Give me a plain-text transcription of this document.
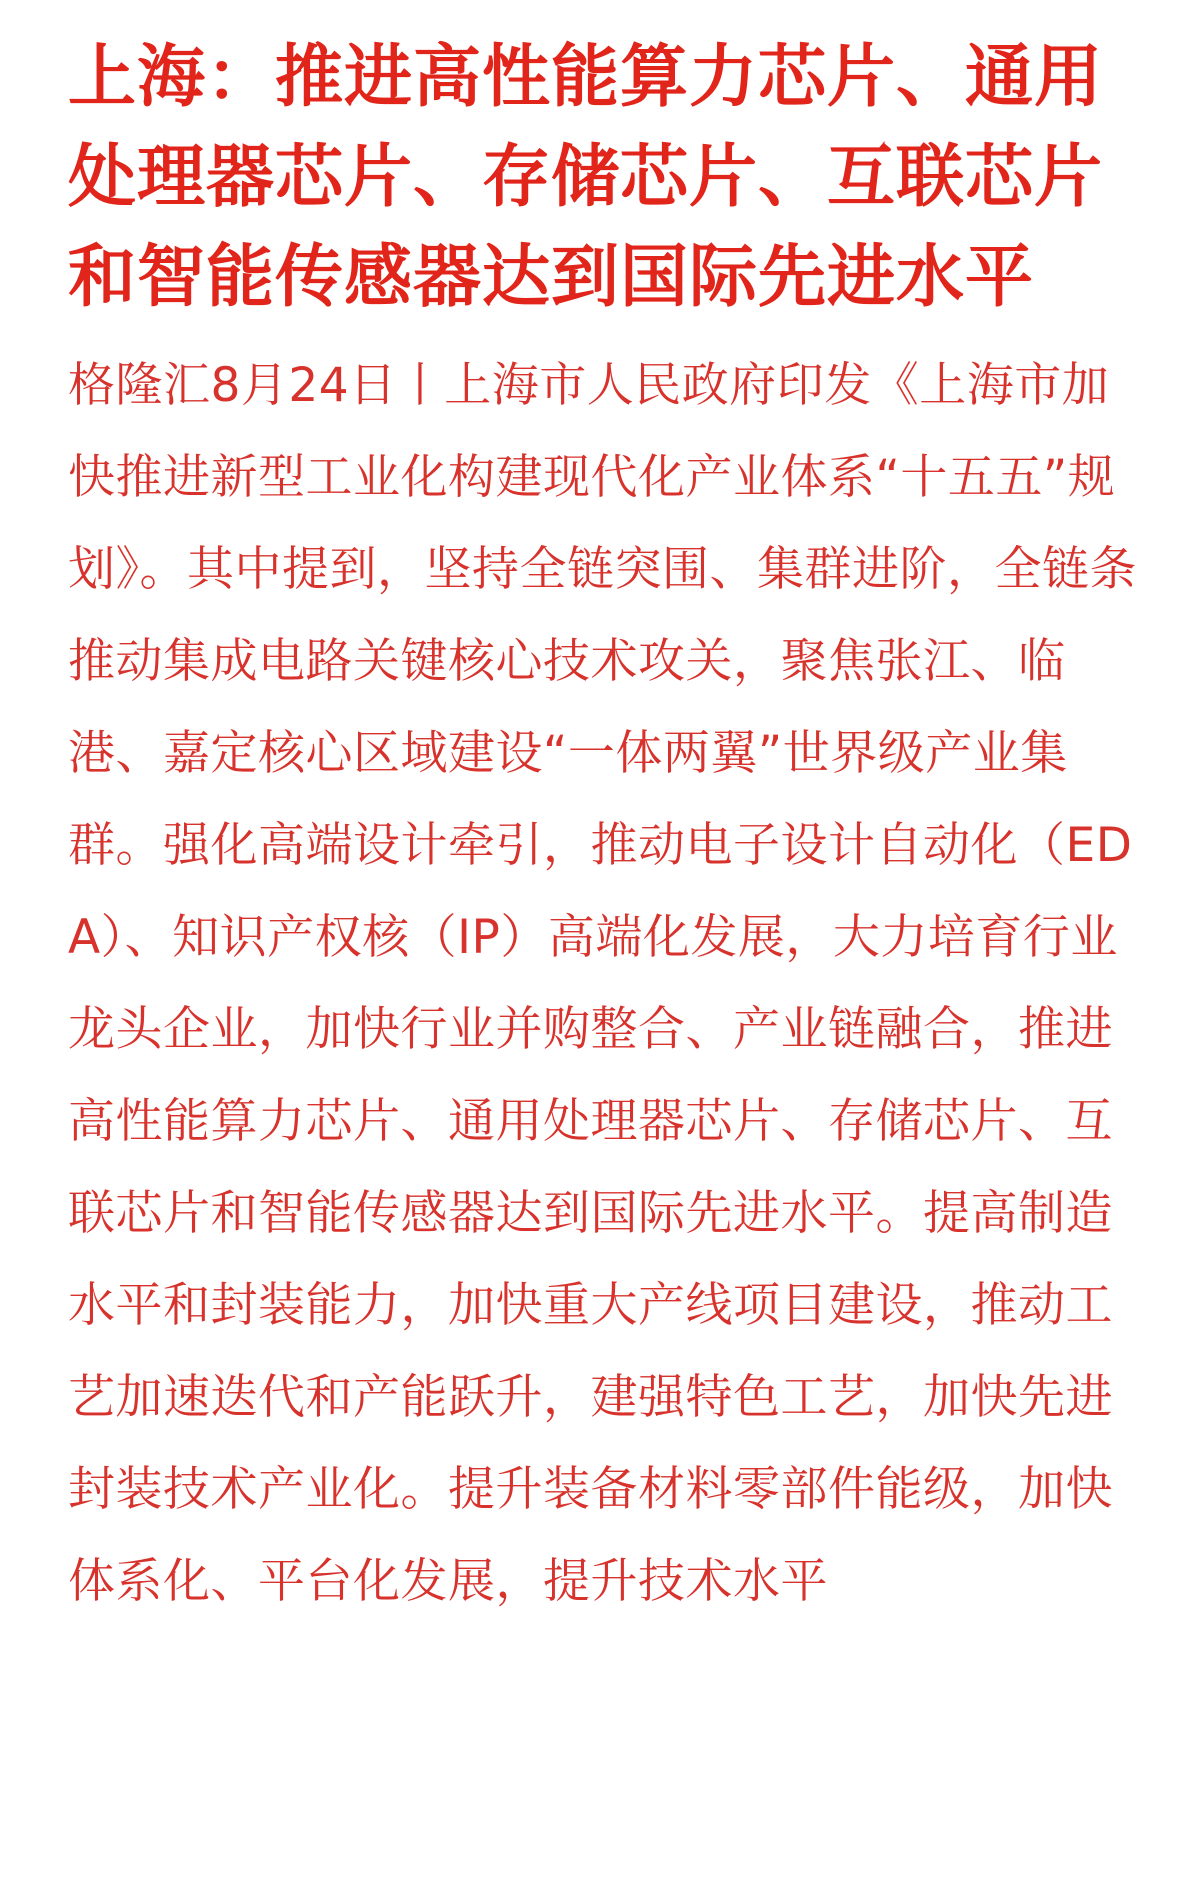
上海：推进高性能算力芯片、通用处理器芯片、存储芯片、互联芯片和智能传感器达到国际先进水平

格隆汇8月24日丨上海市人民政府印发《上海市加快推进新型工业化构建现代化产业体系“十五五”规划》。其中提到，坚持全链突围、集群进阶，全链条推动集成电路关键核心技术攻关，聚焦张江、临港、嘉定核心区域建设“一体两翼”世界级产业集群。强化高端设计牵引，推动电子设计自动化（EDA）、知识产权核（IP）高端化发展，大力培育行业龙头企业，加快行业并购整合、产业链融合，推进高性能算力芯片、通用处理器芯片、存储芯片、互联芯片和智能传感器达到国际先进水平。提高制造水平和封装能力，加快重大产线项目建设，推动工艺加速迭代和产能跃升，建强特色工艺，加快先进封装技术产业化。提升装备材料零部件能级，加快体系化、平台化发展，提升技术水平
